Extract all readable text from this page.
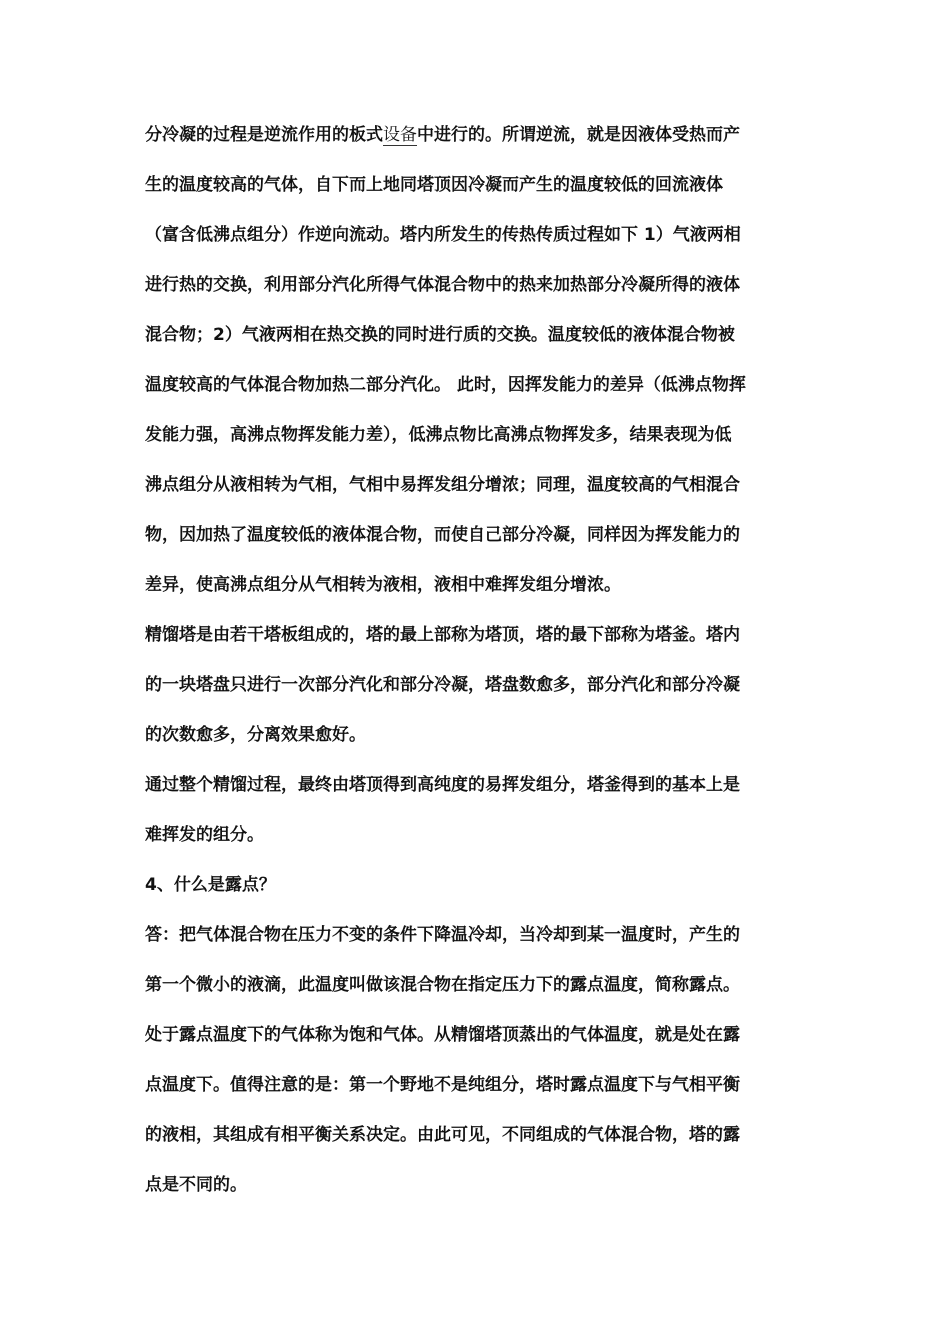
分冷凝的过程是逆流作用的板式设备中进行的。所谓逆流，就是因液体受热而产
生的温度较高的气体，自下而上地同塔顶因冷凝而产生的温度较低的回流液体
（富含低沸点组分）作逆向流动。塔内所发生的传热传质过程如下 1）气液两相
进行热的交换，利用部分汽化所得气体混合物中的热来加热部分冷凝所得的液体
混合物；2）气液两相在热交换的同时进行质的交换。温度较低的液体混合物被
温度较高的气体混合物加热二部分汽化。 此时，因挥发能力的差异（低沸点物挥
发能力强，高沸点物挥发能力差），低沸点物比高沸点物挥发多，结果表现为低
沸点组分从液相转为气相，气相中易挥发组分增浓；同理，温度较高的气相混合
物，因加热了温度较低的液体混合物，而使自己部分冷凝，同样因为挥发能力的
差异，使高沸点组分从气相转为液相，液相中难挥发组分增浓。
精馏塔是由若干塔板组成的，塔的最上部称为塔顶，塔的最下部称为塔釜。塔内
的一块塔盘只进行一次部分汽化和部分冷凝，塔盘数愈多，部分汽化和部分冷凝
的次数愈多，分离效果愈好。
通过整个精馏过程，最终由塔顶得到高纯度的易挥发组分，塔釜得到的基本上是
难挥发的组分。
4、什么是露点？
答：把气体混合物在压力不变的条件下降温冷却，当冷却到某一温度时，产生的
第一个微小的液滴，此温度叫做该混合物在指定压力下的露点温度，简称露点。
处于露点温度下的气体称为饱和气体。从精馏塔顶蒸出的气体温度，就是处在露
点温度下。值得注意的是：第一个野地不是纯组分，塔时露点温度下与气相平衡
的液相，其组成有相平衡关系决定。由此可见，不同组成的气体混合物，塔的露
点是不同的。
